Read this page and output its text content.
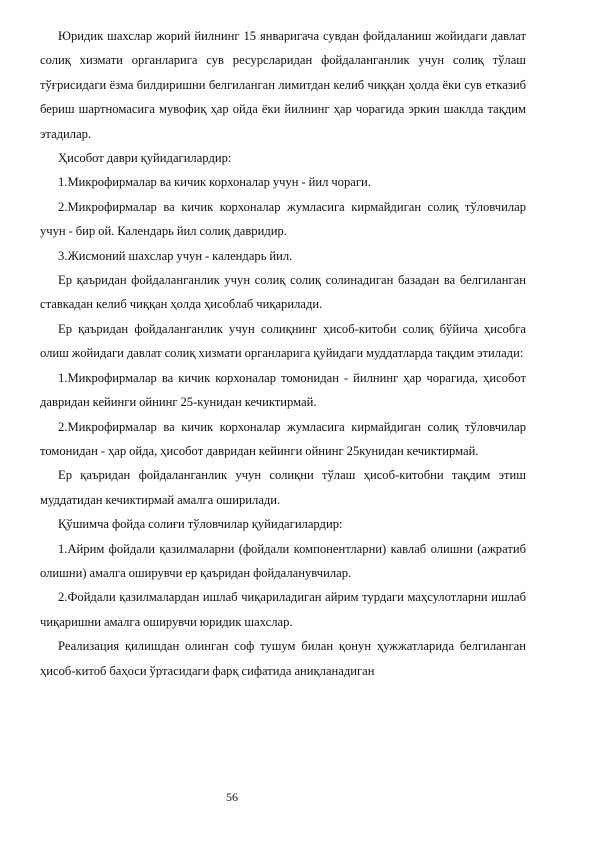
Юридик шахслар жорий йилнинг 15 январигача сувдан фойдаланиш жойидаги давлат солиқ хизмати органларига сув ресурсларидан фойдаланганлик учун солиқ тўлаш тўғрисидаги ёзма билдиришни белгиланган лимитдан келиб чиққан ҳолда ёки сув етказиб бериш шартномасига мувофиқ ҳар ойда ёки йилнинг ҳар чорагида эркин шаклда тақдим этадилар.

Ҳисобот даври қуйидагилардир:

1.Микрофирмалар ва кичик корхоналар учун - йил чораги.

2.Микрофирмалар ва кичик корхоналар жумласига кирмайдиган солиқ тўловчилар учун - бир ой. Календарь йил солиқ давридир.

3.Жисмоний шахслар учун - календарь йил.

Ер қаъридан фойдаланганлик учун солиқ солиқ солинадиган базадан ва белгиланган ставкадан келиб чиққан ҳолда ҳисоблаб чиқарилади.

Ер қаъридан фойдаланганлик учун солиқнинг ҳисоб-китоби солиқ бўйича ҳисобга олиш жойидаги давлат солиқ хизмати органларига қуйидаги муддатларда тақдим этилади:

1.Микрофирмалар ва кичик корхоналар томонидан - йилнинг ҳар чорагида, ҳисобот давридан кейинги ойнинг 25-кунидан кечиктирмай.

2.Микрофирмалар ва кичик корхоналар жумласига кирмайдиган солиқ тўловчилар томонидан - ҳар ойда, ҳисобот давридан кейинги ойнинг 25кунидан кечиктирмай.

Ер қаъридан фойдаланганлик учун солиқни тўлаш ҳисоб-китобни тақдим этиш муддатидан кечиктирмай амалга оширилади.

Қўшимча фойда солиғи тўловчилар қуйидагилардир:

1.Айрим фойдали қазилмаларни (фойдали компонентларни) кавлаб олишни (ажратиб олишни) амалга оширувчи ер қаъридан фойдаланувчилар.

2.Фойдали қазилмалардан ишлаб чиқариладиган айрим турдаги маҳсулотларни ишлаб чиқаришни амалга оширувчи юридик шахслар.

Реализация қилишдан олинган соф тушум билан қонун ҳужжатларида белгиланган ҳисоб-китоб баҳоси ўртасидаги фарқ сифатида аниқланадиган

56
